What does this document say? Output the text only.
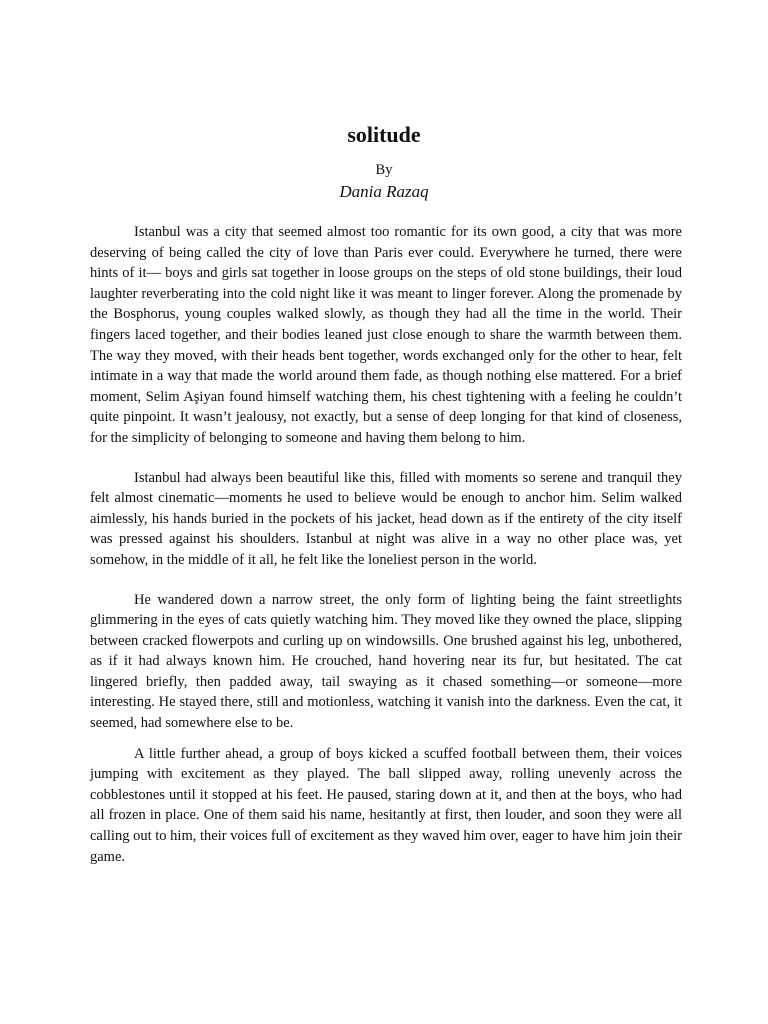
solitude
By
Dania Razaq

Istanbul was a city that seemed almost too romantic for its own good, a city that was more deserving of being called the city of love than Paris ever could. Everywhere he turned, there were hints of it— boys and girls sat together in loose groups on the steps of old stone buildings, their loud laughter reverberating into the cold night like it was meant to linger forever. Along the promenade by the Bosphorus, young couples walked slowly, as though they had all the time in the world. Their fingers laced together, and their bodies leaned just close enough to share the warmth between them. The way they moved, with their heads bent together, words exchanged only for the other to hear, felt intimate in a way that made the world around them fade, as though nothing else mattered. For a brief moment, Selim Aşiyan found himself watching them, his chest tightening with a feeling he couldn’t quite pinpoint. It wasn’t jealousy, not exactly, but a sense of deep longing for that kind of closeness, for the simplicity of belonging to someone and having them belong to him.

Istanbul had always been beautiful like this, filled with moments so serene and tranquil they felt almost cinematic—moments he used to believe would be enough to anchor him. Selim walked aimlessly, his hands buried in the pockets of his jacket, head down as if the entirety of the city itself was pressed against his shoulders. Istanbul at night was alive in a way no other place was, yet somehow, in the middle of it all, he felt like the loneliest person in the world.

He wandered down a narrow street, the only form of lighting being the faint streetlights glimmering in the eyes of cats quietly watching him. They moved like they owned the place, slipping between cracked flowerpots and curling up on windowsills. One brushed against his leg, unbothered, as if it had always known him. He crouched, hand hovering near its fur, but hesitated. The cat lingered briefly, then padded away, tail swaying as it chased something—or someone—more interesting. He stayed there, still and motionless, watching it vanish into the darkness. Even the cat, it seemed, had somewhere else to be.

A little further ahead, a group of boys kicked a scuffed football between them, their voices jumping with excitement as they played. The ball slipped away, rolling unevenly across the cobblestones until it stopped at his feet. He paused, staring down at it, and then at the boys, who had all frozen in place. One of them said his name, hesitantly at first, then louder, and soon they were all calling out to him, their voices full of excitement as they waved him over, eager to have him join their game.
